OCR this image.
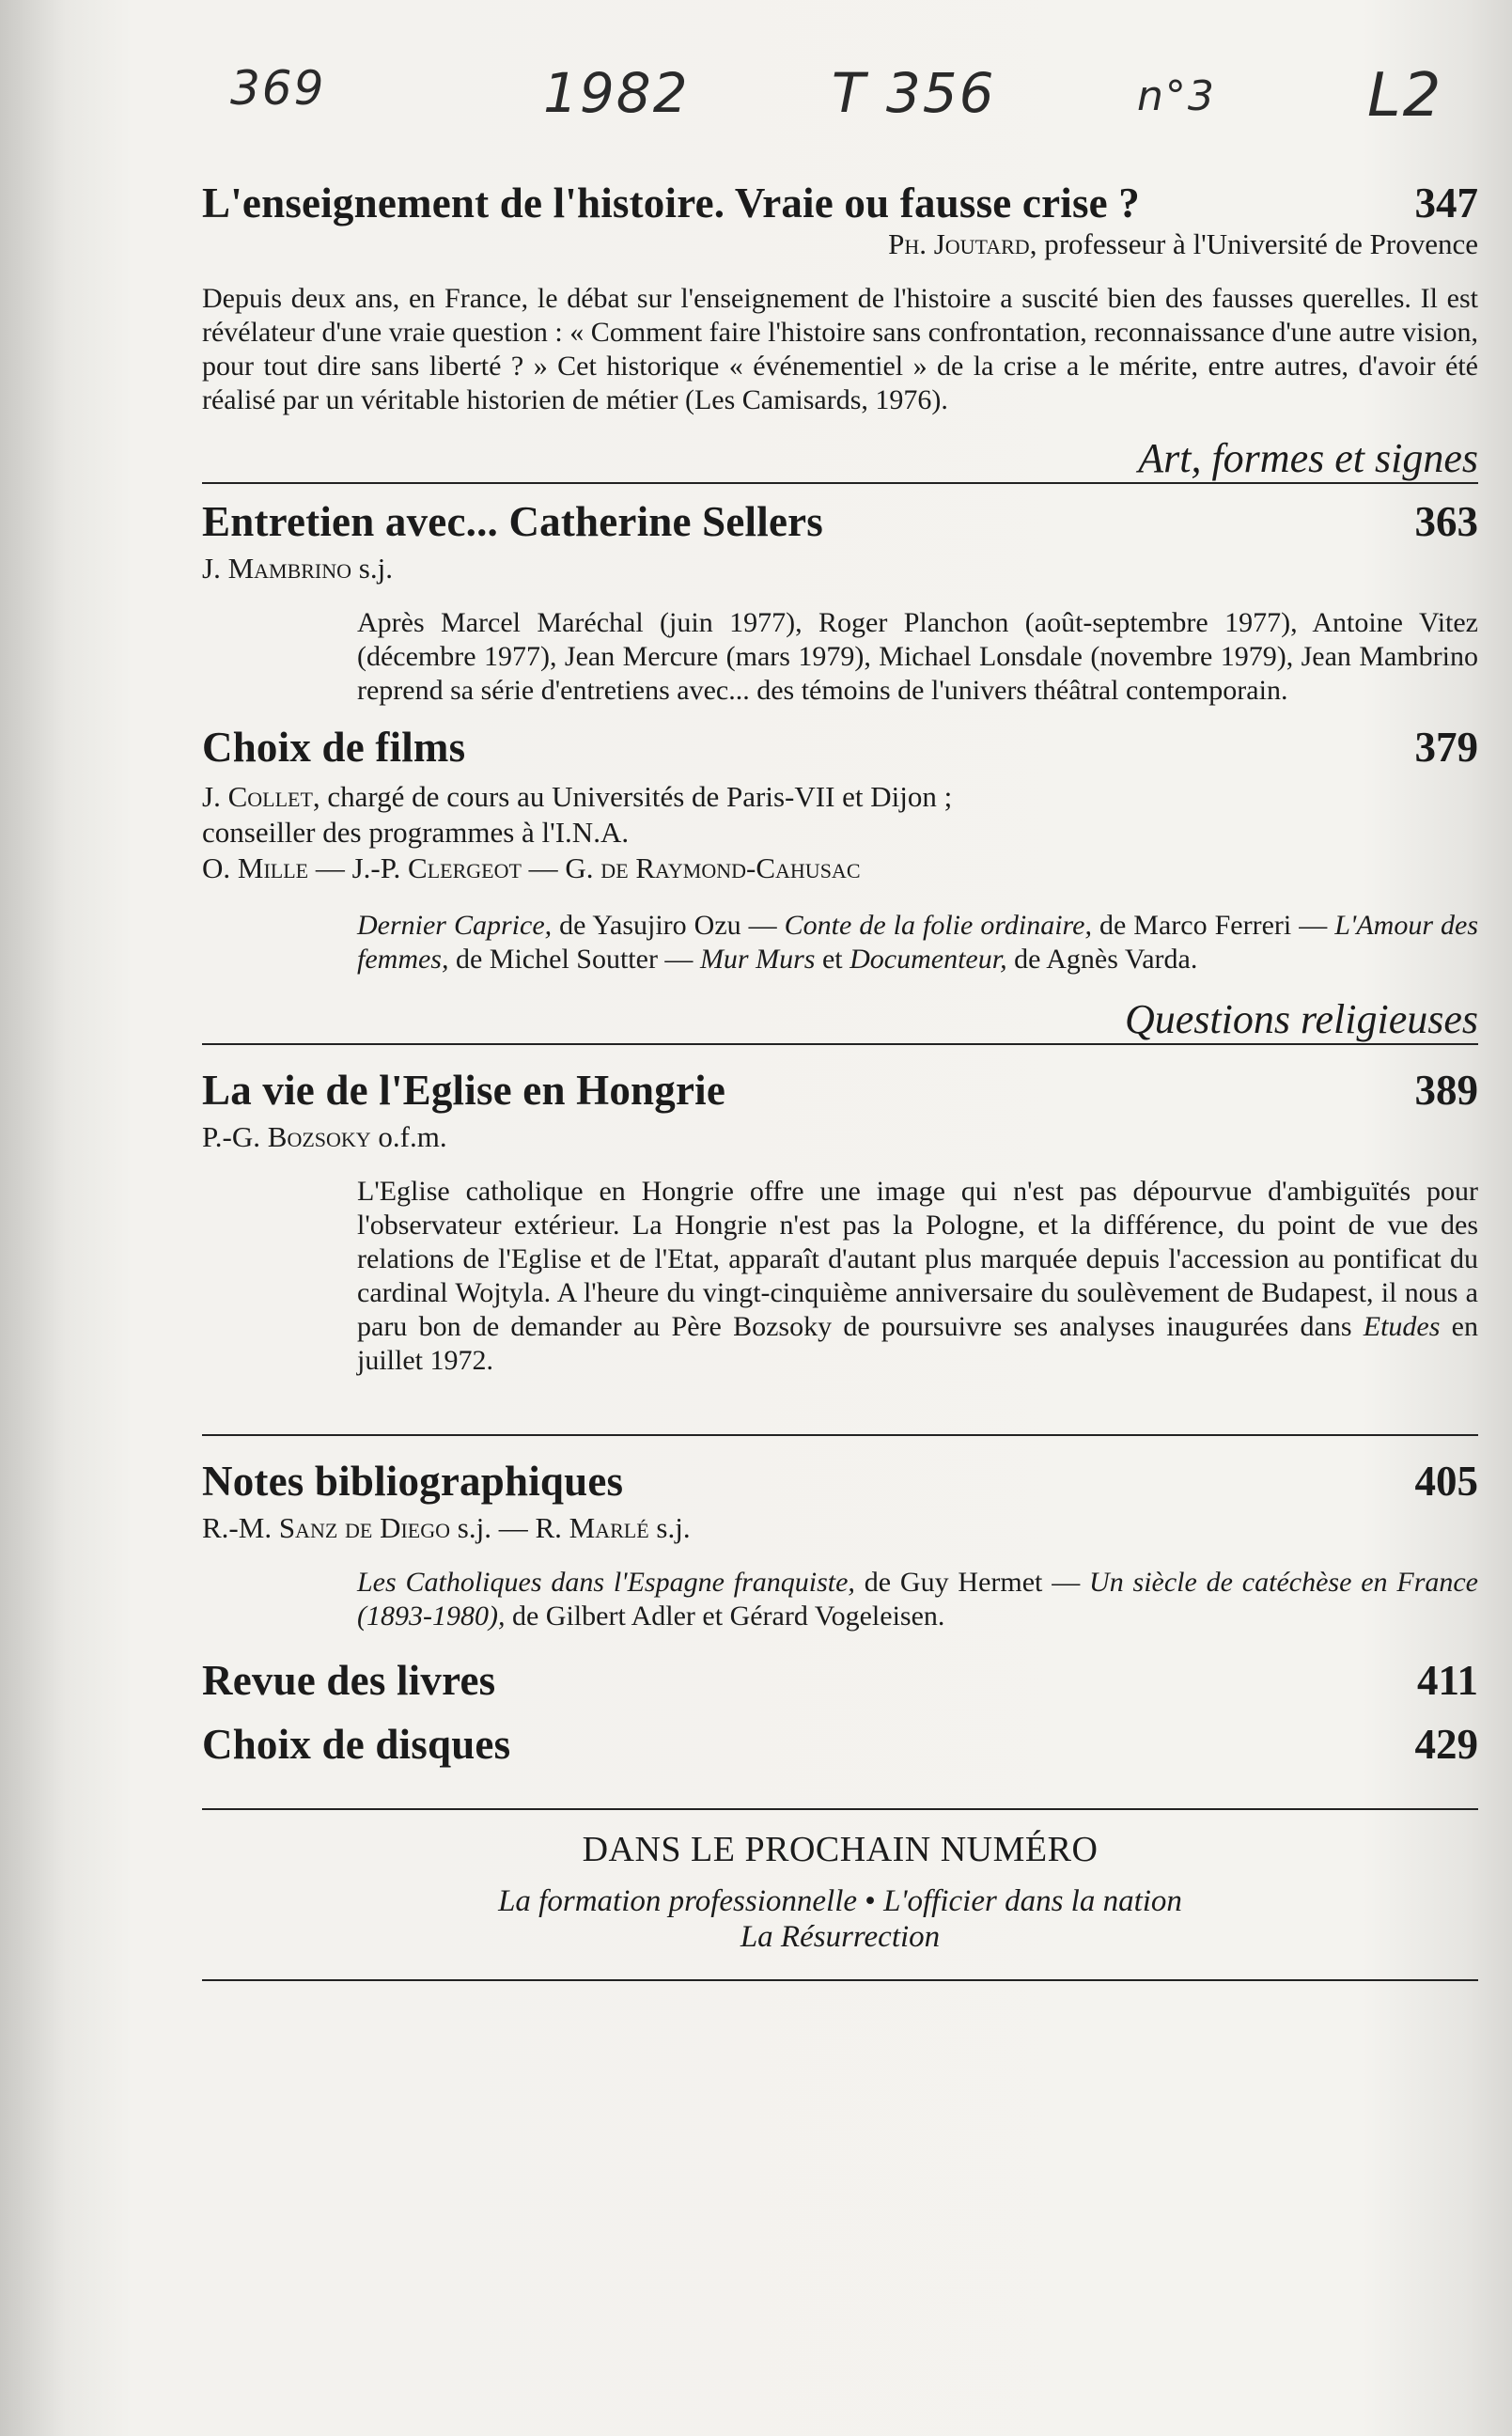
369	1982	T 356	n°3	L2
L'enseignement de l'histoire. Vraie ou fausse crise ?	347
Ph. Joutard, professeur à l'Université de Provence
Depuis deux ans, en France, le débat sur l'enseignement de l'histoire a suscité bien des fausses querelles. Il est révélateur d'une vraie question : « Comment faire l'histoire sans confrontation, reconnaissance d'une autre vision, pour tout dire sans liberté ? » Cet historique « événementiel » de la crise a le mérite, entre autres, d'avoir été réalisé par un véritable historien de métier (Les Camisards, 1976).
Art, formes et signes
Entretien avec... Catherine Sellers	363
J. Mambrino s.j.
Après Marcel Maréchal (juin 1977), Roger Planchon (août-septembre 1977), Antoine Vitez (décembre 1977), Jean Mercure (mars 1979), Michael Lonsdale (novembre 1979), Jean Mambrino reprend sa série d'entretiens avec... des témoins de l'univers théâtral contemporain.
Choix de films	379
J. Collet, chargé de cours au Universités de Paris-VII et Dijon ;
conseiller des programmes à l'I.N.A.
O. Mille — J.-P. Clergeot — G. de Raymond-Cahusac
Dernier Caprice, de Yasujiro Ozu — Conte de la folie ordinaire, de Marco Ferreri — L'Amour des femmes, de Michel Soutter — Mur Murs et Documenteur, de Agnès Varda.
Questions religieuses
La vie de l'Eglise en Hongrie	389
P.-G. Bozsoky o.f.m.
L'Eglise catholique en Hongrie offre une image qui n'est pas dépourvue d'ambiguïtés pour l'observateur extérieur. La Hongrie n'est pas la Pologne, et la différence, du point de vue des relations de l'Eglise et de l'Etat, apparaît d'autant plus marquée depuis l'accession au pontificat du cardinal Wojtyla. A l'heure du vingt-cinquième anniversaire du soulèvement de Budapest, il nous a paru bon de demander au Père Bozsoky de poursuivre ses analyses inaugurées dans Etudes en juillet 1972.
Notes bibliographiques	405
R.-M. Sanz de Diego s.j. — R. Marlé s.j.
Les Catholiques dans l'Espagne franquiste, de Guy Hermet — Un siècle de catéchèse en France (1893-1980), de Gilbert Adler et Gérard Vogeleisen.
Revue des livres	411
Choix de disques	429
DANS LE PROCHAIN NUMÉRO
La formation professionnelle • L'officier dans la nation
La Résurrection
